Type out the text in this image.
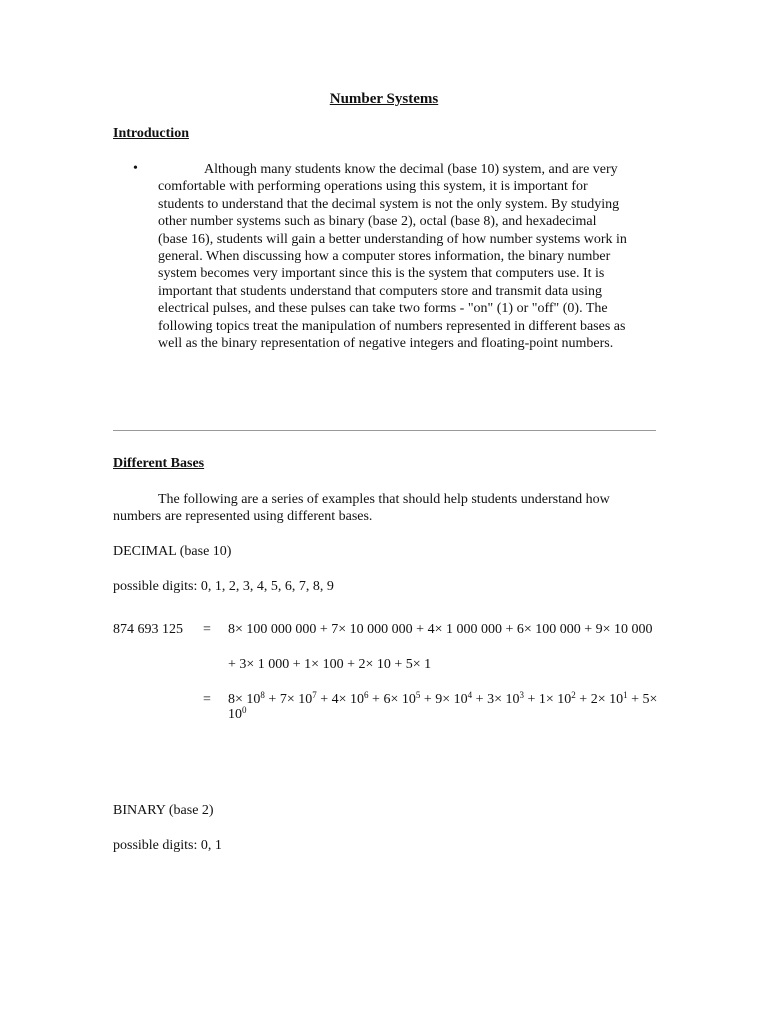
Number Systems
Introduction
•	Although many students know the decimal (base 10) system, and are very comfortable with performing operations using this system, it is important for students to understand that the decimal system is not the only system. By studying other number systems such as binary (base 2), octal (base 8), and hexadecimal (base 16), students will gain a better understanding of how number systems work in general. When discussing how a computer stores information, the binary number system becomes very important since this is the system that computers use. It is important that students understand that computers store and transmit data using electrical pulses, and these pulses can take two forms - "on" (1) or "off" (0). The following topics treat the manipulation of numbers represented in different bases as well as the binary representation of negative integers and floating-point numbers.

Different Bases

The following are a series of examples that should help students understand how numbers are represented using different bases.

DECIMAL (base 10)

possible digits: 0, 1, 2, 3, 4, 5, 6, 7, 8, 9

874 693 125 = 8× 100 000 000 + 7× 10 000 000 + 4× 1 000 000 + 6× 100 000 + 9× 10 000
+ 3× 1 000 + 1× 100 + 2× 10 + 5× 1
= $8\times 10^8 + 7\times 10^7 + 4\times 10^6 + 6\times 10^5 + 9\times 10^4 + 3\times 10^3 + 1\times 10^2 + 2\times 10^1 + 5\times$
$10^0$

BINARY (base 2)

possible digits: 0, 1
